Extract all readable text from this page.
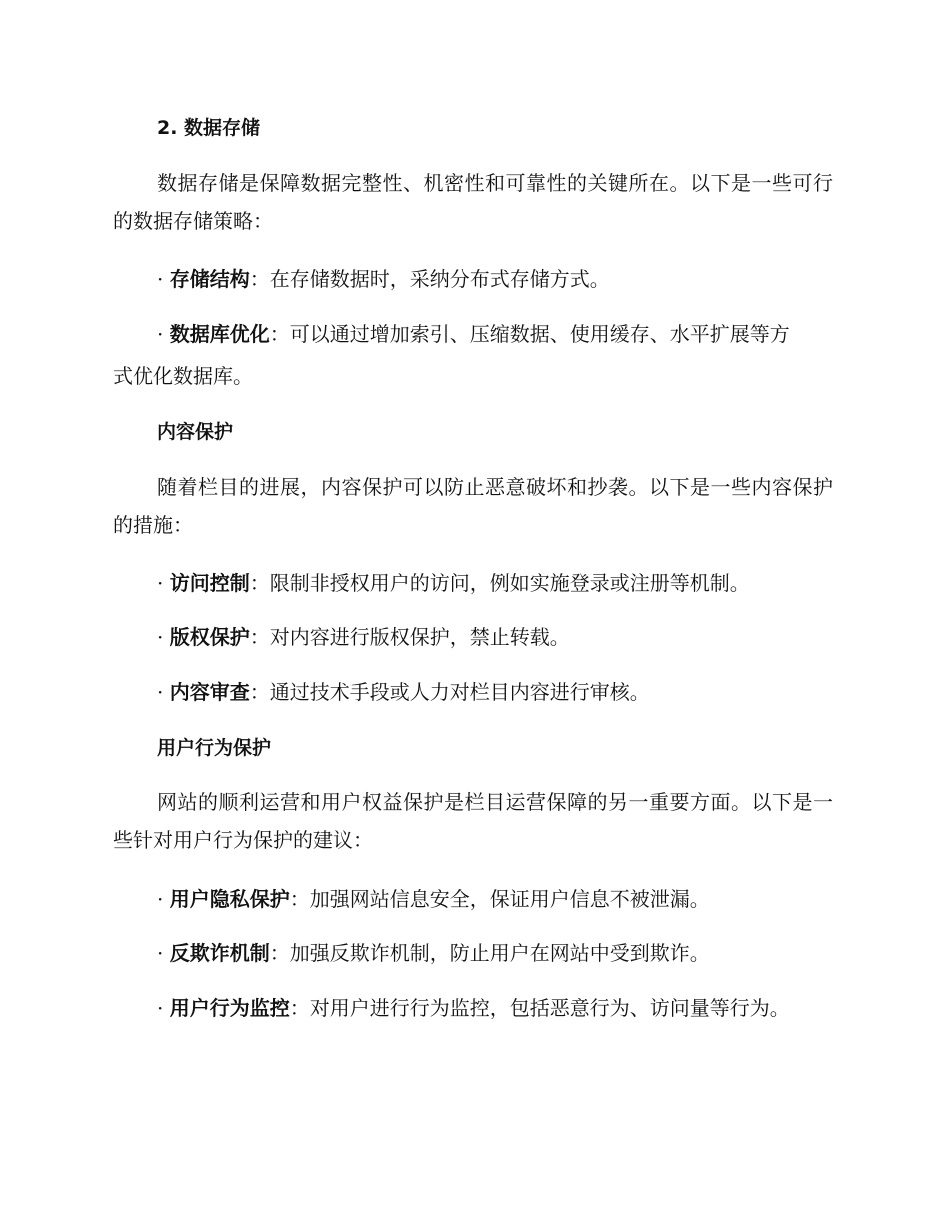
2. 数据存储
数据存储是保障数据完整性、机密性和可靠性的关键所在。以下是一些可行的数据存储策略：
· 存储结构：在存储数据时，采纳分布式存储方式。
· 数据库优化：可以通过增加索引、压缩数据、使用缓存、水平扩展等方式优化数据库。
内容保护
随着栏目的进展，内容保护可以防止恶意破坏和抄袭。以下是一些内容保护的措施：
· 访问控制：限制非授权用户的访问，例如实施登录或注册等机制。
· 版权保护：对内容进行版权保护，禁止转载。
· 内容审查：通过技术手段或人力对栏目内容进行审核。
用户行为保护
网站的顺利运营和用户权益保护是栏目运营保障的另一重要方面。以下是一些针对用户行为保护的建议：
· 用户隐私保护：加强网站信息安全，保证用户信息不被泄漏。
· 反欺诈机制：加强反欺诈机制，防止用户在网站中受到欺诈。
· 用户行为监控：对用户进行行为监控，包括恶意行为、访问量等行为。
